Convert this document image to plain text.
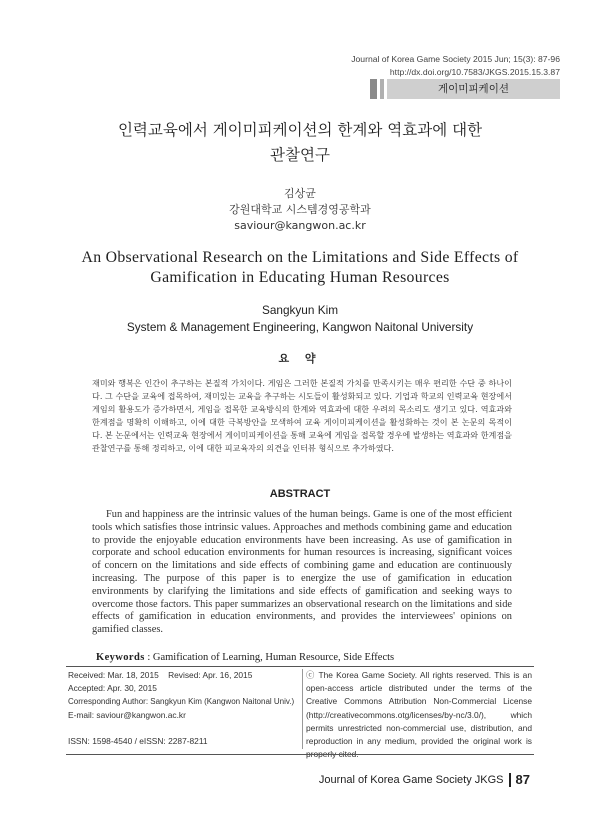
Journal of Korea Game Society 2015 Jun; 15(3): 87-96
http://dx.doi.org/10.7583/JKGS.2015.15.3.87
게이미피케이션
인력교육에서 게이미피케이션의 한계와 역효과에 대한
관찰연구
김상균
강원대학교 시스템경영공학과
saviour@kangwon.ac.kr
An Observational Research on the Limitations and Side Effects of
Gamification in Educating Human Resources
Sangkyun Kim
System & Management Engineering, Kangwon Naitonal University
요 약
재미와 행복은 인간이 추구하는 본질적 가치이다. 게임은 그러한 본질적 가치를 만족시키는 매우 편리한 수단 중 하나이다. 그 수단을 교육에 접목하여, 재미있는 교육을 추구하는 시도들이 활성화되고 있다. 기업과 학교의 인력교육 현장에서 게임의 활용도가 증가하면서, 게임을 접목한 교육방식의 한계와 역효과에 대한 우려의 목소리도 생기고 있다. 역효과와 한계점을 명확히 이해하고, 이에 대한 극복방안을 모색하여 교육 게이미피케이션을 활성화하는 것이 본 논문의 목적이다. 본 논문에서는 인력교육 현장에서 게이미피케이션을 통해 교육에 게임을 접목할 경우에 발생하는 역효과와 한계점을 관찰연구를 통해 정리하고, 이에 대한 피교육자의 의견을 인터뷰 형식으로 추가하였다.
ABSTRACT

Fun and happiness are the intrinsic values of the human beings. Game is one of the most efficient tools which satisfies those intrinsic values. Approaches and methods combining game and education to provide the enjoyable education environments have been increasing. As use of gamification in corporate and school education environments for human resources is increasing, significant voices of concern on the limitations and side effects of combining game and education are continuously increasing. The purpose of this paper is to energize the use of gamification in education environments by clarifying the limitations and side effects of gamification and seeking ways to overcome those factors. This paper summarizes an observational research on the limitations and side effects of gamification in education environments, and provides the interviewees' opinions on gamified classes.

Keywords : Gamification of Learning, Human Resource, Side Effects
Received: Mar. 18, 2015    Revised: Apr. 16, 2015
Accepted: Apr. 30, 2015
Corresponding Author: Sangkyun Kim (Kangwon Naitonal Univ.)
E-mail: saviour@kangwon.ac.kr
ISSN: 1598-4540 / eISSN: 2287-8211
ⓒ The Korea Game Society. All rights reserved. This is an open-access article distributed under the terms of the Creative Commons Attribution Non-Commercial License (http://creativecommons.otg/licenses/by-nc/3.0/), which permits unrestricted non-commercial use, distribution, and reproduction in any medium, provided the original work is properly cited.
Journal of Korea Game Society JKGS 87
